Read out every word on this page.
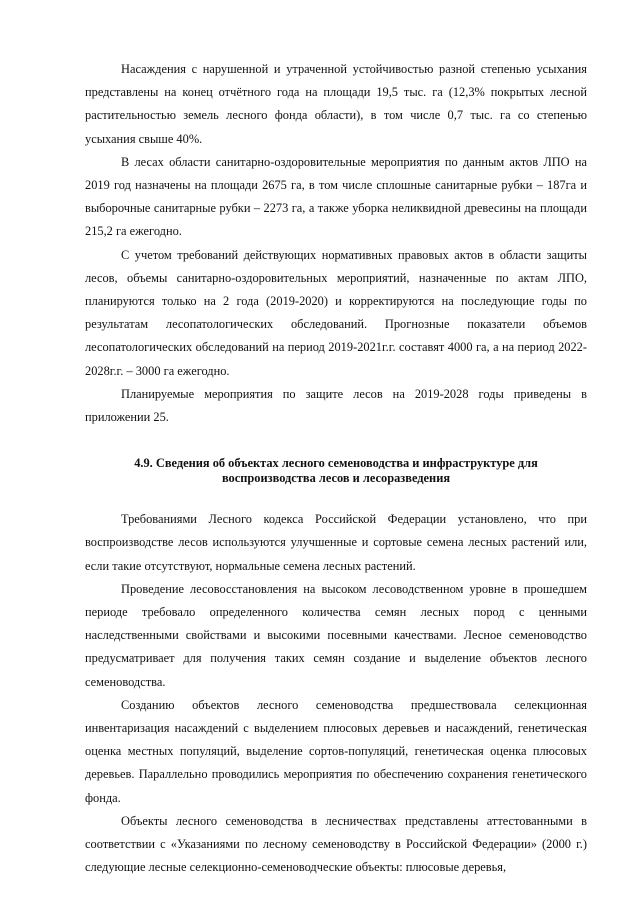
Насаждения с нарушенной и утраченной устойчивостью разной степенью усыхания представлены на конец отчётного года на площади 19,5 тыс. га (12,3% покрытых лесной растительностью земель лесного фонда области), в том числе 0,7 тыс. га со степенью усыхания свыше 40%.

В лесах области санитарно-оздоровительные мероприятия по данным актов ЛПО на 2019 год назначены на площади 2675 га, в том числе сплошные санитарные рубки – 187га и выборочные санитарные рубки – 2273 га, а также уборка неликвидной древесины на площади 215,2 га ежегодно.

С учетом требований действующих нормативных правовых актов в области защиты лесов, объемы санитарно-оздоровительных мероприятий, назначенные по актам ЛПО, планируются только на 2 года (2019-2020) и корректируются на последующие годы по результатам лесопатологических обследований. Прогнозные показатели объемов лесопатологических обследований на период 2019-2021г.г. составят 4000 га, а на период 2022-2028г.г. – 3000 га ежегодно.

Планируемые мероприятия по защите лесов на 2019-2028 годы приведены в приложении 25.

4.9. Сведения об объектах лесного семеноводства и инфраструктуре для
воспроизводства лесов и лесоразведения

Требованиями Лесного кодекса Российской Федерации установлено, что при воспроизводстве лесов используются улучшенные и сортовые семена лесных растений или, если такие отсутствуют, нормальные семена лесных растений.

Проведение лесовосстановления на высоком лесоводственном уровне в прошедшем периоде требовало определенного количества семян лесных пород с ценными наследственными свойствами и высокими посевными качествами. Лесное семеноводство предусматривает для получения таких семян создание и выделение объектов лесного семеноводства.

Созданию объектов лесного семеноводства предшествовала селекционная инвентаризация насаждений с выделением плюсовых деревьев и насаждений, генетическая оценка местных популяций, выделение сортов-популяций, генетическая оценка плюсовых деревьев. Параллельно проводились мероприятия по обеспечению сохранения генетического фонда.

Объекты лесного семеноводства в лесничествах представлены аттестованными в соответствии с «Указаниями по лесному семеноводству в Российской Федерации» (2000 г.) следующие лесные селекционно-семеноводческие объекты: плюсовые деревья,
